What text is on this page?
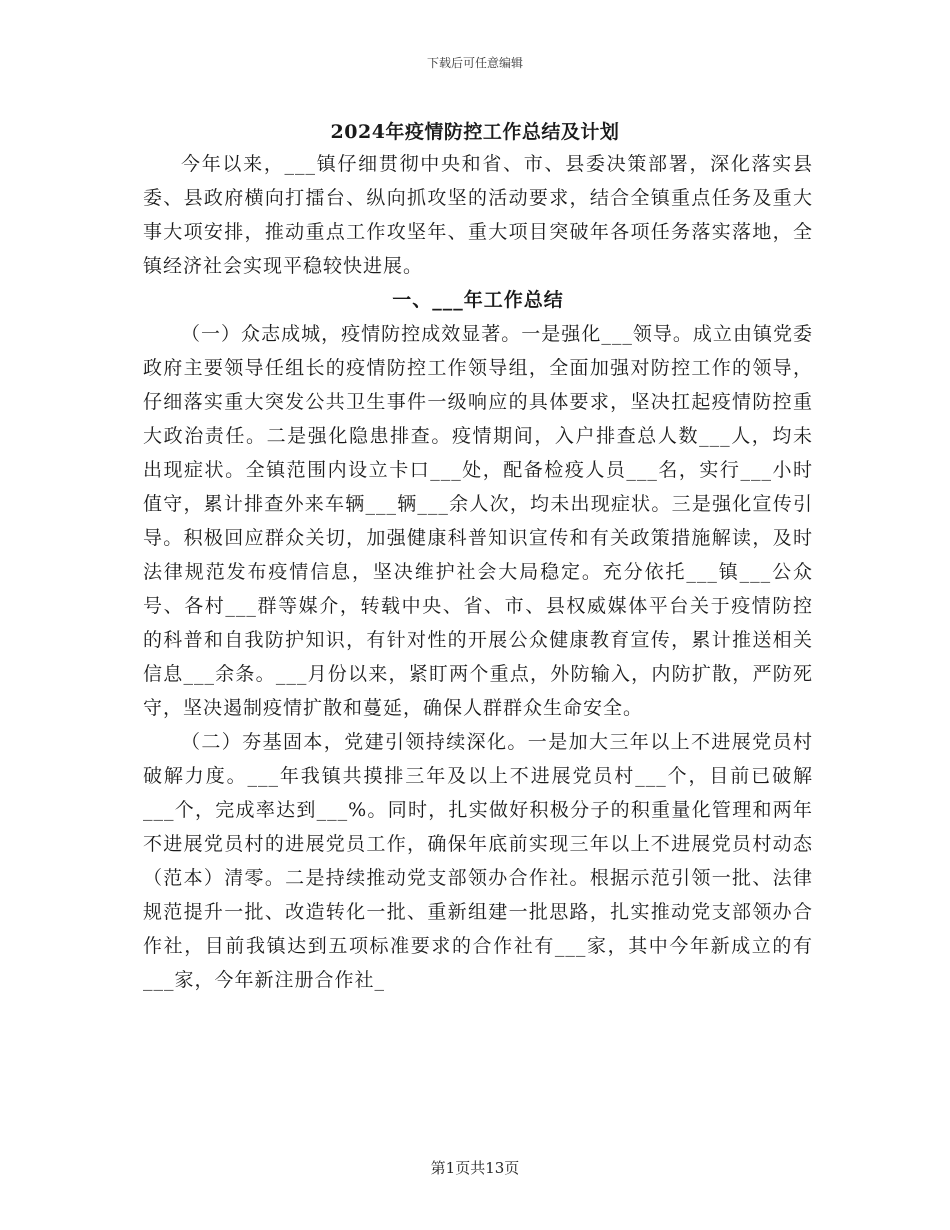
下载后可任意编辑
2024年疫情防控工作总结及计划

今年以来，___镇仔细贯彻中央和省、市、县委决策部署，深化落实县委、县政府横向打擂台、纵向抓攻坚的活动要求，结合全镇重点任务及重大事大项安排，推动重点工作攻坚年、重大项目突破年各项任务落实落地，全镇经济社会实现平稳较快进展。

一、___年工作总结

（一）众志成城，疫情防控成效显著。一是强化___领导。成立由镇党委政府主要领导任组长的疫情防控工作领导组，全面加强对防控工作的领导，仔细落实重大突发公共卫生事件一级响应的具体要求，坚决扛起疫情防控重大政治责任。二是强化隐患排查。疫情期间，入户排查总人数___人，均未出现症状。全镇范围内设立卡口___处，配备检疫人员___名，实行___小时值守，累计排查外来车辆___辆___余人次，均未出现症状。三是强化宣传引导。积极回应群众关切，加强健康科普知识宣传和有关政策措施解读，及时法律规范发布疫情信息，坚决维护社会大局稳定。充分依托___镇___公众号、各村___群等媒介，转载中央、省、市、县权威媒体平台关于疫情防控的科普和自我防护知识，有针对性的开展公众健康教育宣传，累计推送相关信息___余条。___月份以来，紧盯两个重点，外防输入，内防扩散，严防死守，坚决遏制疫情扩散和蔓延，确保人群群众生命安全。

（二）夯基固本，党建引领持续深化。一是加大三年以上不进展党员村破解力度。___年我镇共摸排三年及以上不进展党员村___个，目前已破解___个，完成率达到___%。同时，扎实做好积极分子的积重量化管理和两年不进展党员村的进展党员工作，确保年底前实现三年以上不进展党员村动态（范本）清零。二是持续推动党支部领办合作社。根据示范引领一批、法律规范提升一批、改造转化一批、重新组建一批思路，扎实推动党支部领办合作社，目前我镇达到五项标准要求的合作社有___家，其中今年新成立的有___家，今年新注册合作社_

第1页共13页
